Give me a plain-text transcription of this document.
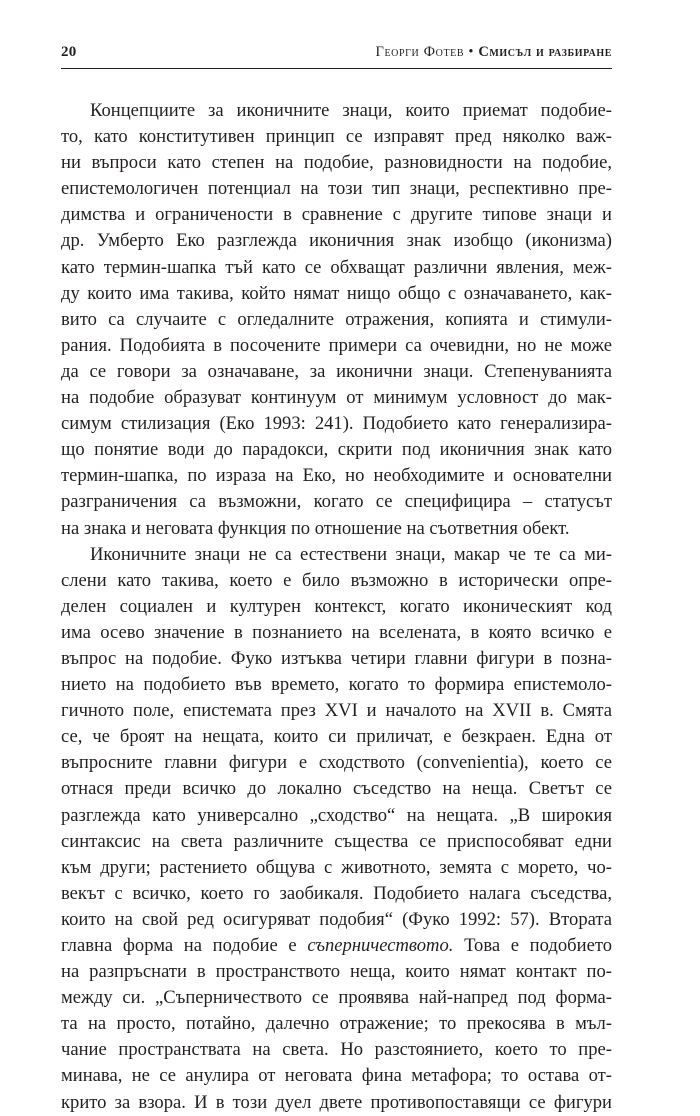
20	Георги Фотев • Смисъл и разбиране
Концепциите за иконичните знаци, които приемат подобие-
то, като конститутивен принцип се изправят пред няколко важ-
ни въпроси като степен на подобие, разновидности на подобие,
епистемологичен потенциал на този тип знаци, респективно пре-
димства и ограничености в сравнение с другите типове знаци и
др. Умберто Еко разглежда иконичния знак изобщо (иконизма)
като термин-шапка тъй като се обхващат различни явления, меж-
ду които има такива, който нямат нищо общо с означаването, как-
вито са случаите с огледалните отражения, копията и стимули-
рания. Подобията в посочените примери са очевидни, но не може
да се говори за означаване, за иконични знаци. Степенуванията
на подобие образуват континуум от минимум условност до мак-
симум стилизация (Еко 1993: 241). Подобието като генерализира-
що понятие води до парадокси, скрити под иконичния знак като
термин-шапка, по израза на Еко, но необходимите и основателни
разграничения са възможни, когато се специфицира – статусът
на знака и неговата функция по отношение на съответния обект.
Иконичните знаци не са естествени знаци, макар че те са ми-
слени като такива, което е било възможно в исторически опре-
делен социален и културен контекст, когато иконическият код
има осево значение в познанието на вселената, в която всичко е
въпрос на подобие. Фуко изтъква четири главни фигури в позна-
нието на подобието във времето, когато то формира епистемоло-
гичното поле, епистемата през XVI и началото на XVII в. Смята
се, че броят на нещата, които си приличат, е безкраен. Една от
въпросните главни фигури е сходството (convenientia), което се
отнася преди всичко до локално съседство на неща. Светът се
разглежда като универсално „сходство“ на нещата. „В широкия
синтаксис на света различните същества се приспособяват едни
към други; растението общува с животното, земята с морето, чо-
векът с всичко, което го заобикаля. Подобието налага съседства,
които на свой ред осигуряват подобия“ (Фуко 1992: 57). Втората
главна форма на подобие е съперничеството. Това е подобието
на разпръснати в пространството неща, които нямат контакт по-
между си. „Съперничеството се проявява най-напред под форма-
та на просто, потайно, далечно отражение; то прекосява в мъл-
чание пространствата на света. Но разстоянието, което то пре-
минава, не се анулира от неговата фина метафора; то остава от-
крито за взора. И в този дуел двете противопоставящи се фигури
